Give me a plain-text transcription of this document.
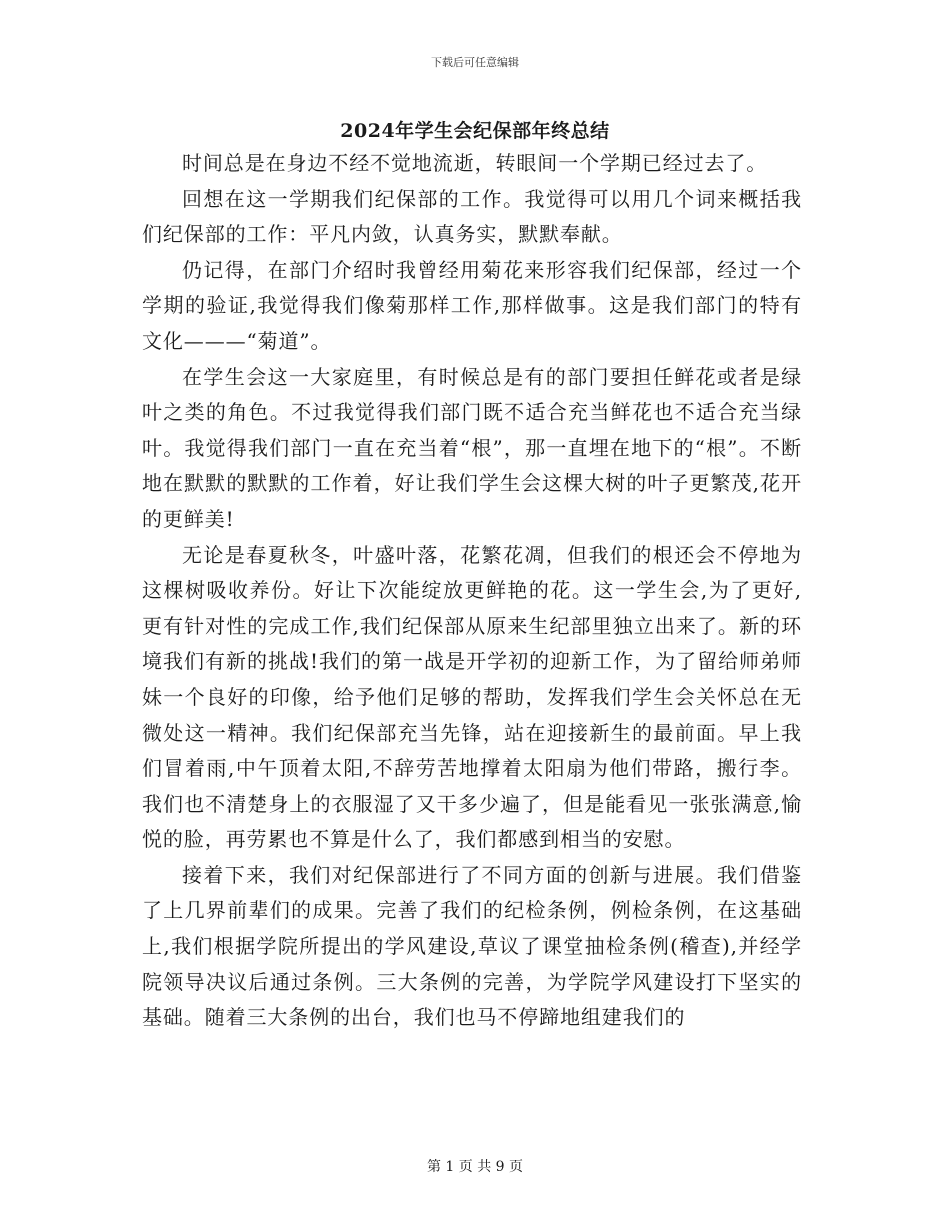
下载后可任意编辑
2024年学生会纪保部年终总结

时间总是在身边不经不觉地流逝，转眼间一个学期已经过去了。

回想在这一学期我们纪保部的工作。我觉得可以用几个词来概括我们纪保部的工作：平凡内敛，认真务实，默默奉献。

仍记得，在部门介绍时我曾经用菊花来形容我们纪保部，经过一个学期的验证,我觉得我们像菊那样工作,那样做事。这是我们部门的特有文化———“菊道”。

在学生会这一大家庭里，有时候总是有的部门要担任鲜花或者是绿叶之类的角色。不过我觉得我们部门既不适合充当鲜花也不适合充当绿叶。我觉得我们部门一直在充当着“根”，那一直埋在地下的“根”。不断地在默默的默默的工作着，好让我们学生会这棵大树的叶子更繁茂,花开的更鲜美!

无论是春夏秋冬，叶盛叶落，花繁花凋，但我们的根还会不停地为这棵树吸收养份。好让下次能绽放更鲜艳的花。这一学生会,为了更好,更有针对性的完成工作,我们纪保部从原来生纪部里独立出来了。新的环境我们有新的挑战!我们的第一战是开学初的迎新工作，为了留给师弟师妹一个良好的印像，给予他们足够的帮助，发挥我们学生会关怀总在无微处这一精神。我们纪保部充当先锋，站在迎接新生的最前面。早上我们冒着雨,中午顶着太阳,不辞劳苦地撑着太阳扇为他们带路，搬行李。我们也不清楚身上的衣服湿了又干多少遍了，但是能看见一张张满意,愉悦的脸，再劳累也不算是什么了，我们都感到相当的安慰。

接着下来，我们对纪保部进行了不同方面的创新与进展。我们借鉴了上几界前辈们的成果。完善了我们的纪检条例，例检条例，在这基础上,我们根据学院所提出的学风建设,草议了课堂抽检条例(稽查),并经学院领导决议后通过条例。三大条例的完善，为学院学风建设打下坚实的基础。随着三大条例的出台，我们也马不停蹄地组建我们的

第 1 页 共 9 页
